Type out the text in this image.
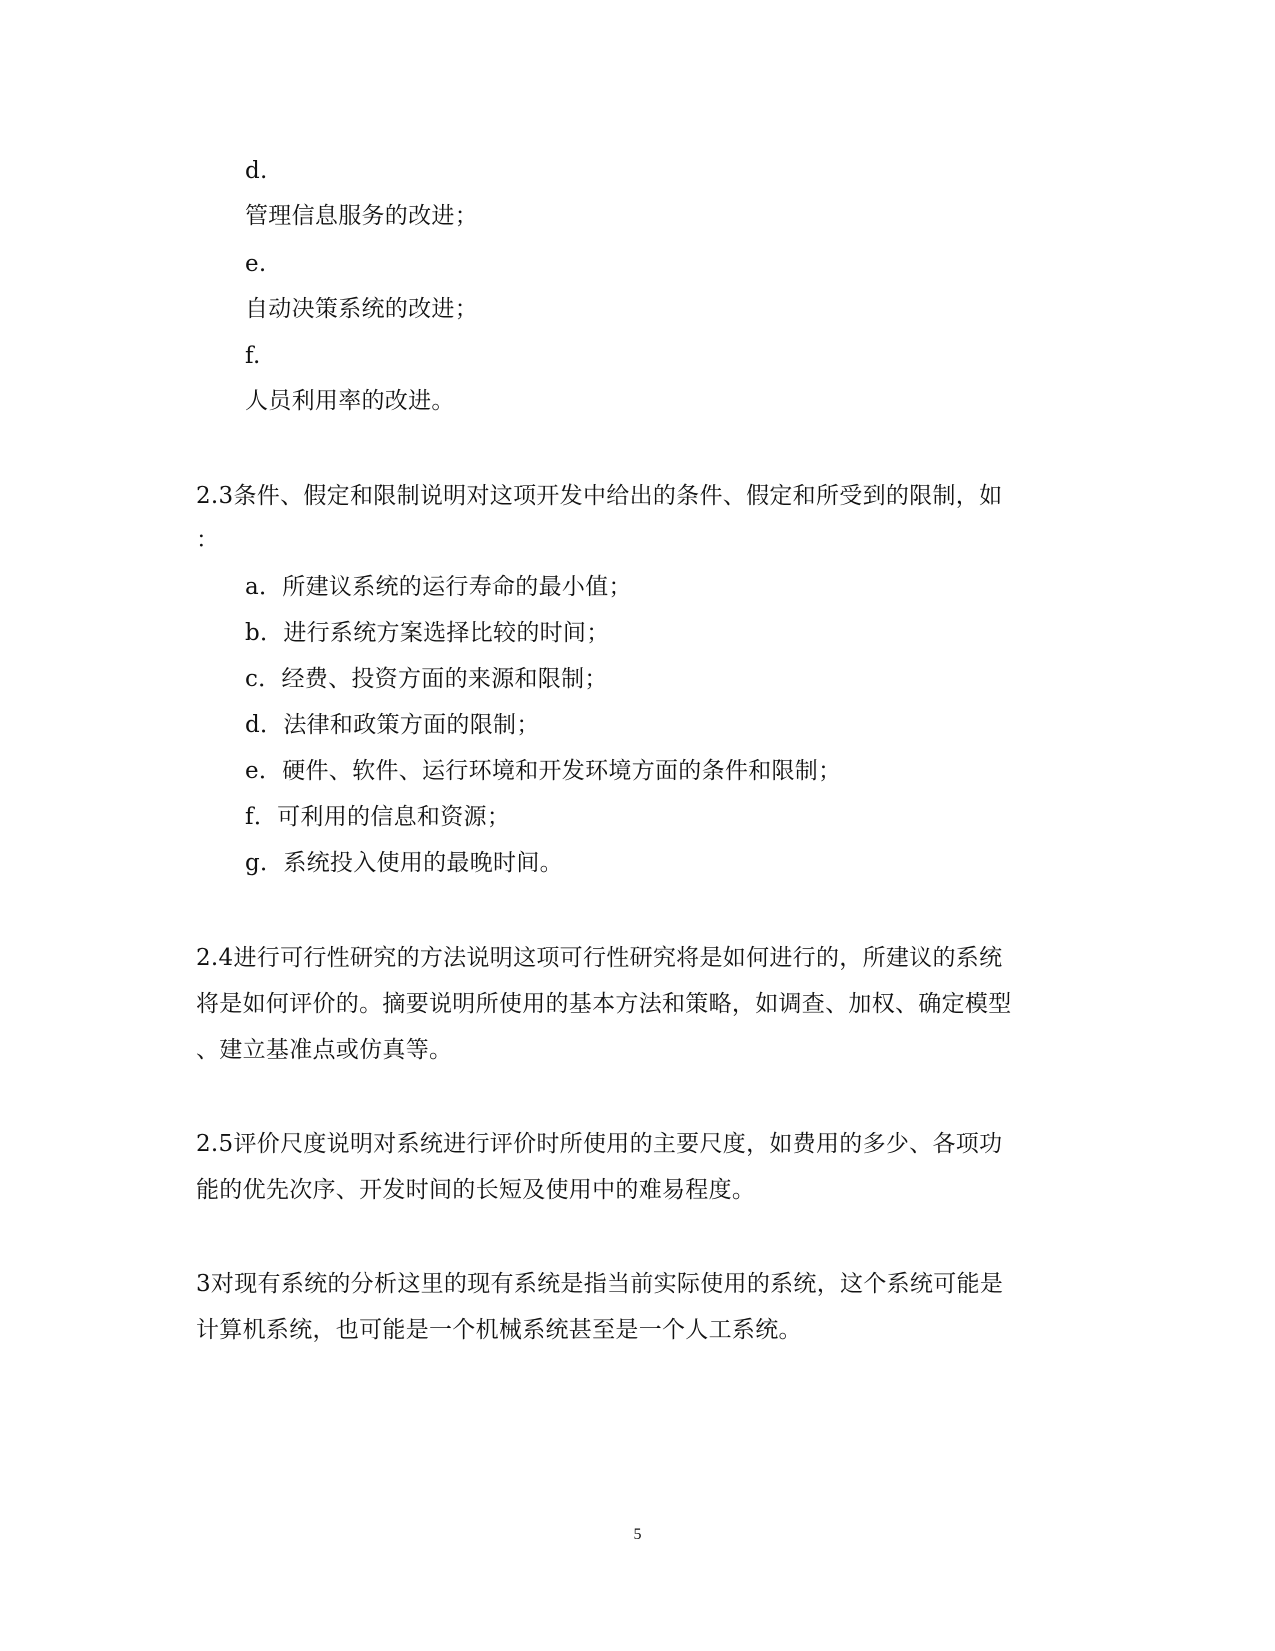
d.
管理信息服务的改进；
e.
自动决策系统的改进；
f.
人员利用率的改进。
2.3条件、假定和限制说明对这项开发中给出的条件、假定和所受到的限制，如
：
a．所建议系统的运行寿命的最小值；
b．进行系统方案选择比较的时间；
c．经费、投资方面的来源和限制；
d．法律和政策方面的限制；
e．硬件、软件、运行环境和开发环境方面的条件和限制；
f．可利用的信息和资源；
g．系统投入使用的最晚时间。
2.4进行可行性研究的方法说明这项可行性研究将是如何进行的，所建议的系统
将是如何评价的。摘要说明所使用的基本方法和策略，如调查、加权、确定模型
、建立基准点或仿真等。
2.5评价尺度说明对系统进行评价时所使用的主要尺度，如费用的多少、各项功
能的优先次序、开发时间的长短及使用中的难易程度。
3对现有系统的分析这里的现有系统是指当前实际使用的系统，这个系统可能是
计算机系统，也可能是一个机械系统甚至是一个人工系统。
5
